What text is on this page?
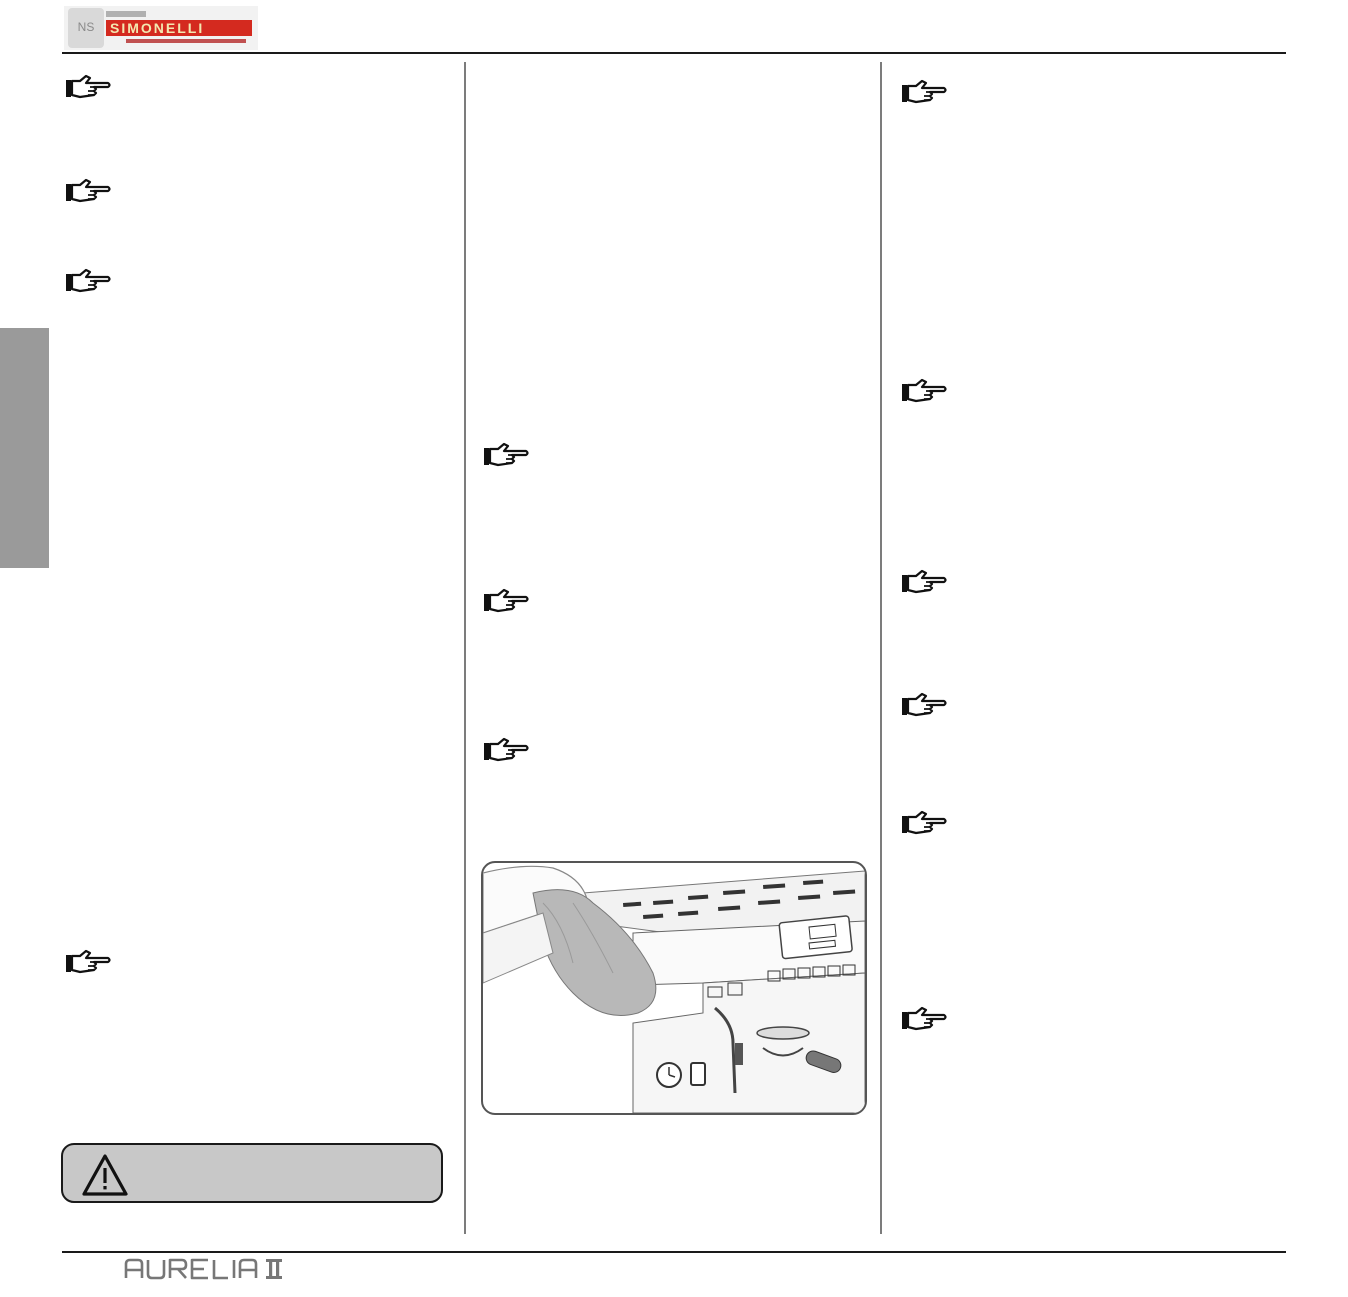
NS SIMONELLI
